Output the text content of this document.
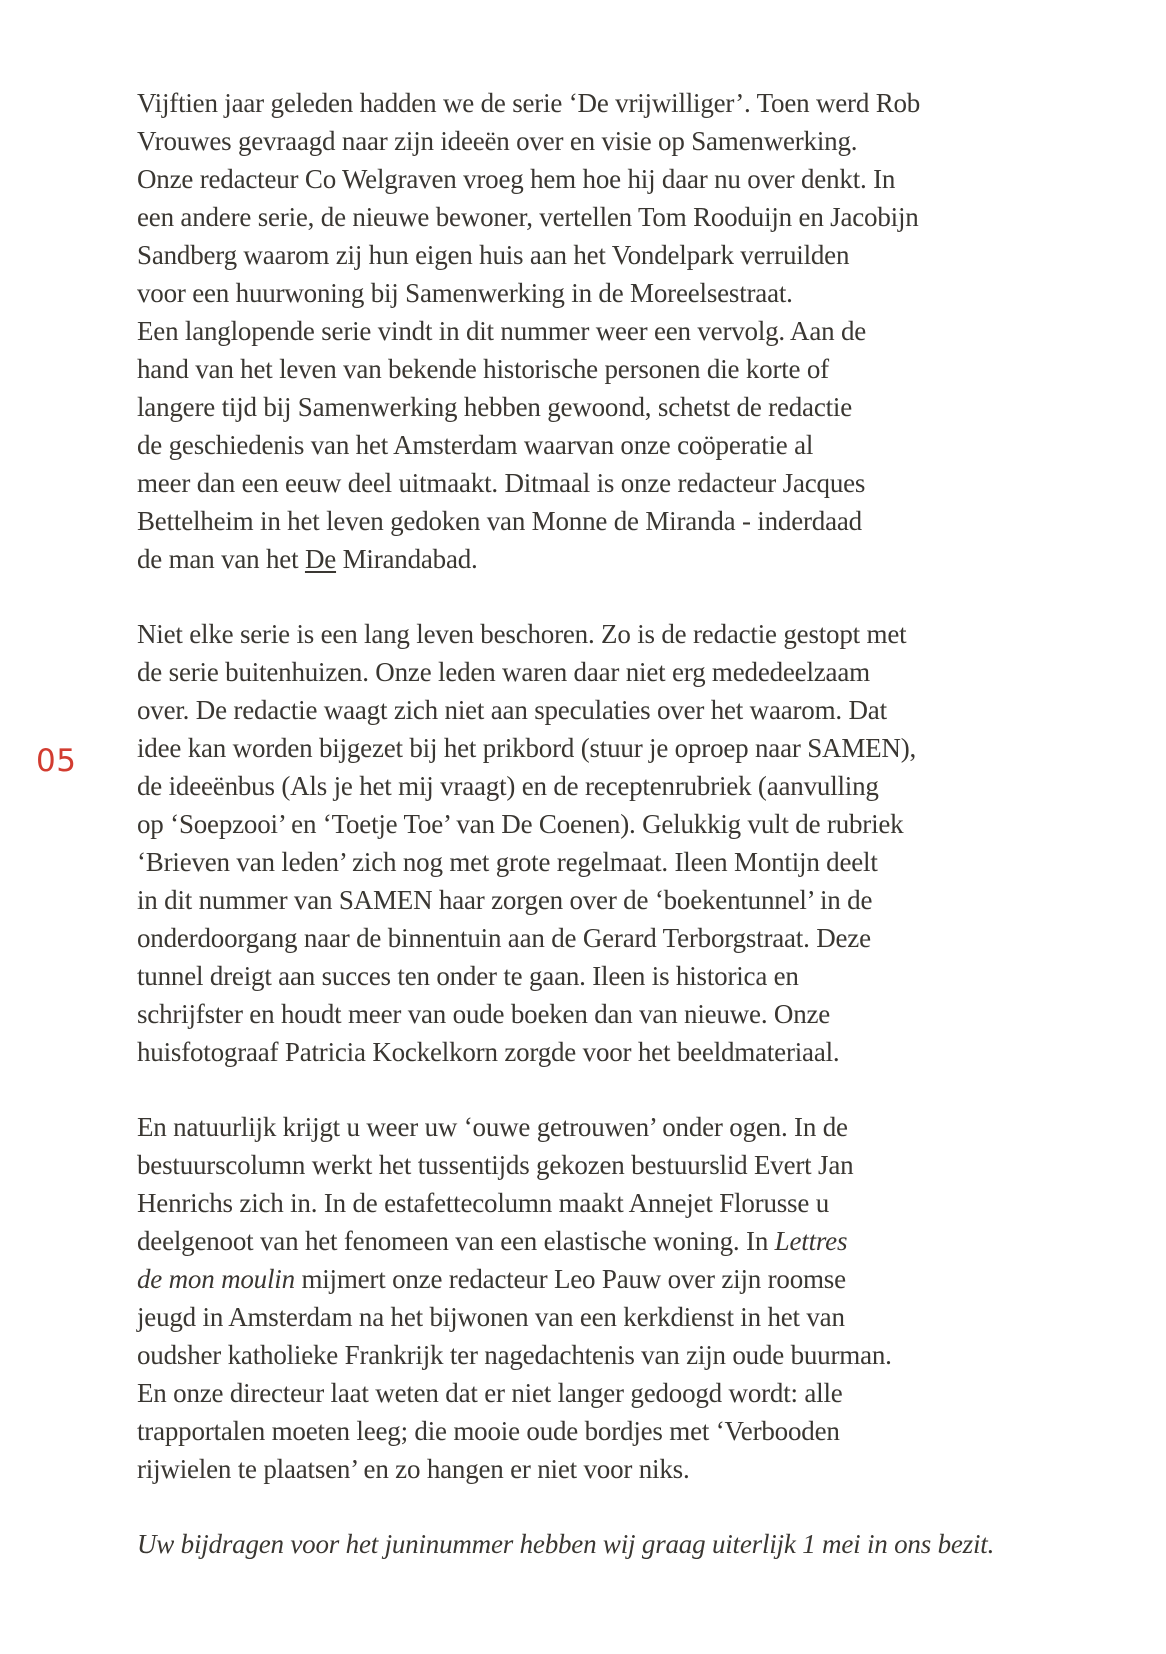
05
Vijftien jaar geleden hadden we de serie ‘De vrijwilliger’. Toen werd Rob
Vrouwes gevraagd naar zijn ideeën over en visie op Samenwerking.
Onze redacteur Co Welgraven vroeg hem hoe hij daar nu over denkt. In
een andere serie, de nieuwe bewoner, vertellen Tom Rooduijn en Jacobijn
Sandberg waarom zij hun eigen huis aan het Vondelpark verruilden
voor een huurwoning bij Samenwerking in de Moreelsestraat.
Een langlopende serie vindt in dit nummer weer een vervolg. Aan de
hand van het leven van bekende historische personen die korte of
langere tijd bij Samenwerking hebben gewoond, schetst de redactie
de geschiedenis van het Amsterdam waarvan onze coöperatie al
meer dan een eeuw deel uitmaakt. Ditmaal is onze redacteur Jacques
Bettelheim in het leven gedoken van Monne de Miranda - inderdaad
de man van het De Mirandabad.
Niet elke serie is een lang leven beschoren. Zo is de redactie gestopt met
de serie buitenhuizen. Onze leden waren daar niet erg mededeelzaam
over. De redactie waagt zich niet aan speculaties over het waarom. Dat
idee kan worden bijgezet bij het prikbord (stuur je oproep naar SAMEN),
de ideeënbus (Als je het mij vraagt) en de receptenrubriek (aanvulling
op ‘Soepzooi’ en ‘Toetje Toe’ van De Coenen). Gelukkig vult de rubriek
‘Brieven van leden’ zich nog met grote regelmaat. Ileen Montijn deelt
in dit nummer van SAMEN haar zorgen over de ‘boekentunnel’ in de
onderdoorgang naar de binnentuin aan de Gerard Terborgstraat. Deze
tunnel dreigt aan succes ten onder te gaan. Ileen is historica en
schrijfster en houdt meer van oude boeken dan van nieuwe. Onze
huisfotograaf Patricia Kockelkorn zorgde voor het beeldmateriaal.
En natuurlijk krijgt u weer uw ‘ouwe getrouwen’ onder ogen. In de
bestuurscolumn werkt het tussentijds gekozen bestuurslid Evert Jan
Henrichs zich in. In de estafettecolumn maakt Annejet Florusse u
deelgenoot van het fenomeen van een elastische woning. In Lettres
de mon moulin mijmert onze redacteur Leo Pauw over zijn roomse
jeugd in Amsterdam na het bijwonen van een kerkdienst in het van
oudsher katholieke Frankrijk ter nagedachtenis van zijn oude buurman.
En onze directeur laat weten dat er niet langer gedoogd wordt: alle
trapportalen moeten leeg; die mooie oude bordjes met ‘Verbooden
rijwielen te plaatsen’ en zo hangen er niet voor niks.
Uw bijdragen voor het juninummer hebben wij graag uiterlijk 1 mei in ons bezit.
